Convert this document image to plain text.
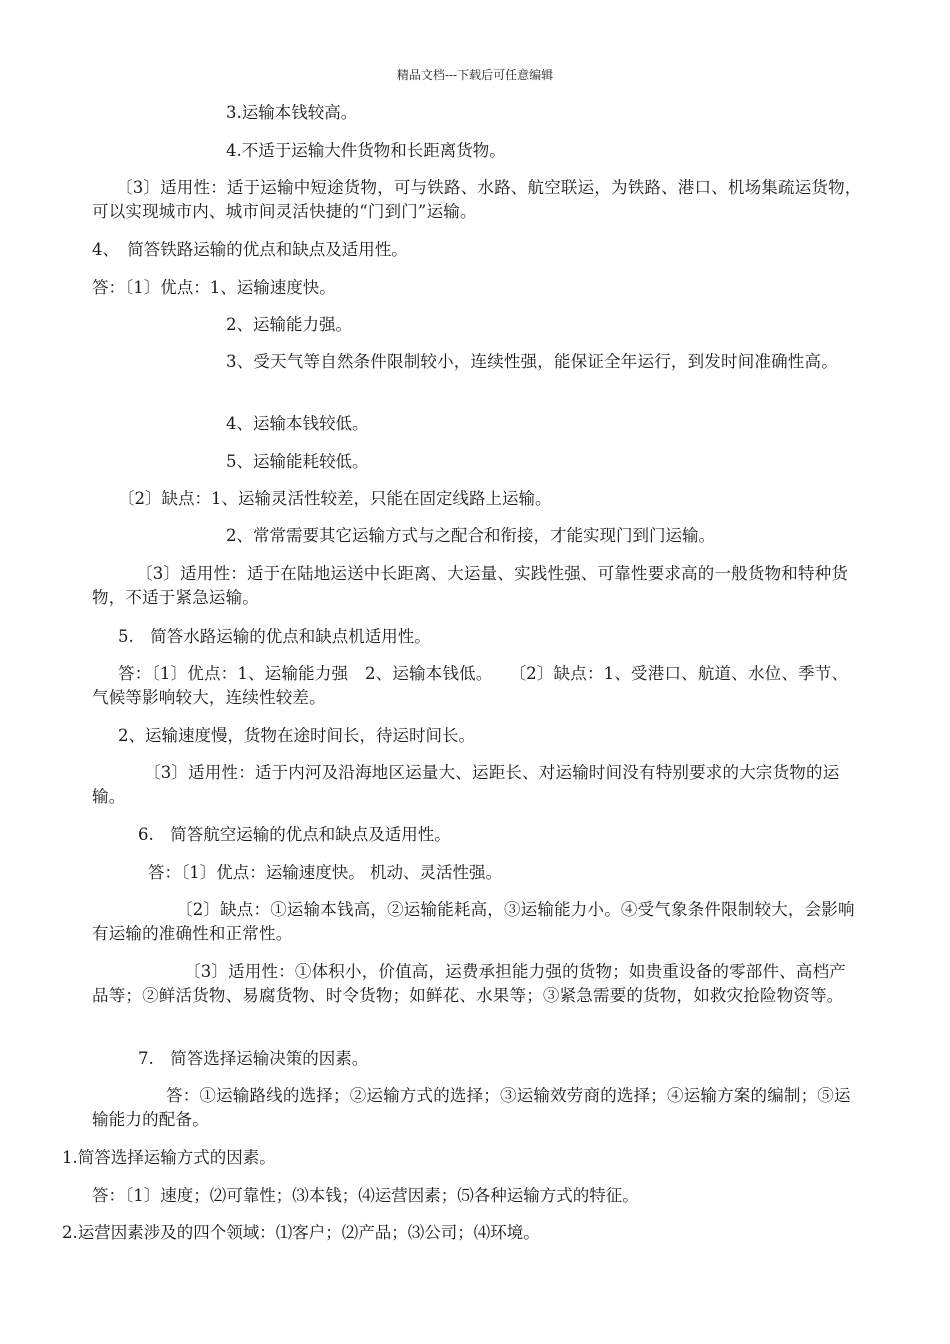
精品文档---下载后可任意编辑
3.运输本钱较高。
4.不适于运输大件货物和长距离货物。
〔3〕适用性：适于运输中短途货物，可与铁路、水路、航空联运，为铁路、港口、机场集疏运货物，可以实现城市内、城市间灵活快捷的“门到门”运输。
4、　简答铁路运输的优点和缺点及适用性。
答：〔1〕优点：1、运输速度快。
2、运输能力强。
3、受天气等自然条件限制较小，连续性强，能保证全年运行，到发时间准确性高。
4、运输本钱较低。
5、运输能耗较低。
〔2〕缺点：1、运输灵活性较差，只能在固定线路上运输。
2、常常需要其它运输方式与之配合和衔接，才能实现门到门运输。
〔3〕适用性：适于在陆地运送中长距离、大运量、实践性强、可靠性要求高的一般货物和特种货物，不适于紧急运输。
5.　简答水路运输的优点和缺点机适用性。
答：〔1〕优点：1、运输能力强　2、运输本钱低。　　〔2〕缺点：1、受港口、航道、水位、季节、气候等影响较大，连续性较差。
2、运输速度慢，货物在途时间长，待运时间长。
〔3〕适用性：适于内河及沿海地区运量大、运距长、对运输时间没有特别要求的大宗货物的运输。
6.　简答航空运输的优点和缺点及适用性。
答：〔1〕优点：运输速度快。 机动、灵活性强。
〔2〕缺点：①运输本钱高，②运输能耗高，③运输能力小。④受气象条件限制较大，会影响有运输的准确性和正常性。
〔3〕适用性：①体积小，价值高，运费承担能力强的货物；如贵重设备的零部件、高档产品等；②鲜活货物、易腐货物、时令货物；如鲜花、水果等；③紧急需要的货物，如救灾抢险物资等。
7.　简答选择运输决策的因素。
答：①运输路线的选择；②运输方式的选择；③运输效劳商的选择；④运输方案的编制；⑤运输能力的配备。
1.简答选择运输方式的因素。
答：〔1〕速度；⑵可靠性；⑶本钱；⑷运营因素；⑸各种运输方式的特征。
2.运营因素涉及的四个领域：⑴客户；⑵产品；⑶公司；⑷环境。
